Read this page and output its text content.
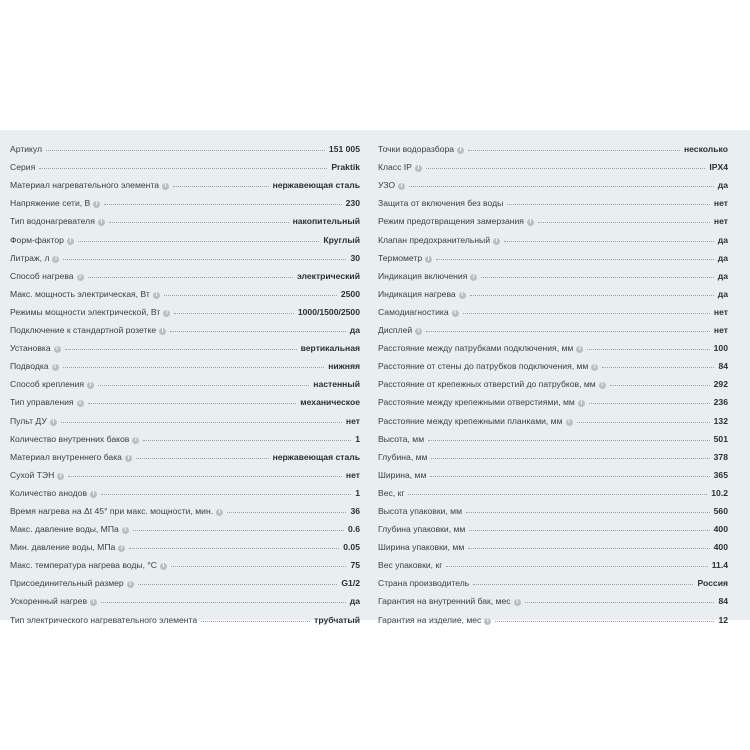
Артикул	151 005
Серия	Praktik
Материал нагревательного элемента i	нержавеющая сталь
Напряжение сети, В i	230
Тип водонагревателя i	накопительный
Форм-фактор i	Круглый
Литраж, л i	30
Способ нагрева i	электрический
Макс. мощность электрическая, Вт i	2500
Режимы мощности электрической, Вт i	1000/1500/2500
Подключение к стандартной розетке i	да
Установка i	вертикальная
Подводка i	нижняя
Способ крепления i	настенный
Тип управления i	механическое
Пульт ДУ i	нет
Количество внутренних баков i	1
Материал внутреннего бака i	нержавеющая сталь
Сухой ТЭН i	нет
Количество анодов i	1
Время нагрева на Δt 45° при макс. мощности, мин. i	36
Макс. давление воды, МПа i	0.6
Мин. давление воды, МПа i	0.05
Макс. температура нагрева воды, °С i	75
Присоединительный размер i	G1/2
Ускоренный нагрев i	да
Тип электрического нагревательного элемента	трубчатый
Точки водоразбора i	несколько
Класс IP i	IPX4
УЗО i	да
Защита от включения без воды	нет
Режим предотвращения замерзания i	нет
Клапан предохранительный i	да
Термометр i	да
Индикация включения i	да
Индикация нагрева i	да
Самодиагностика i	нет
Дисплей i	нет
Расстояние между патрубками подключения, мм i	100
Расстояние от стены до патрубков подключения, мм i	84
Расстояние от крепежных отверстий до патрубков, мм i	292
Расстояние между крепежными отверстиями, мм i	236
Расстояние между крепежными планками, мм i	132
Высота, мм	501
Глубина, мм	378
Ширина, мм	365
Вес, кг	10.2
Высота упаковки, мм	560
Глубина упаковки, мм	400
Ширина упаковки, мм	400
Вес упаковки, кг	11.4
Страна производитель	Россия
Гарантия на внутренний бак, мес i	84
Гарантия на изделие, мес i	12
